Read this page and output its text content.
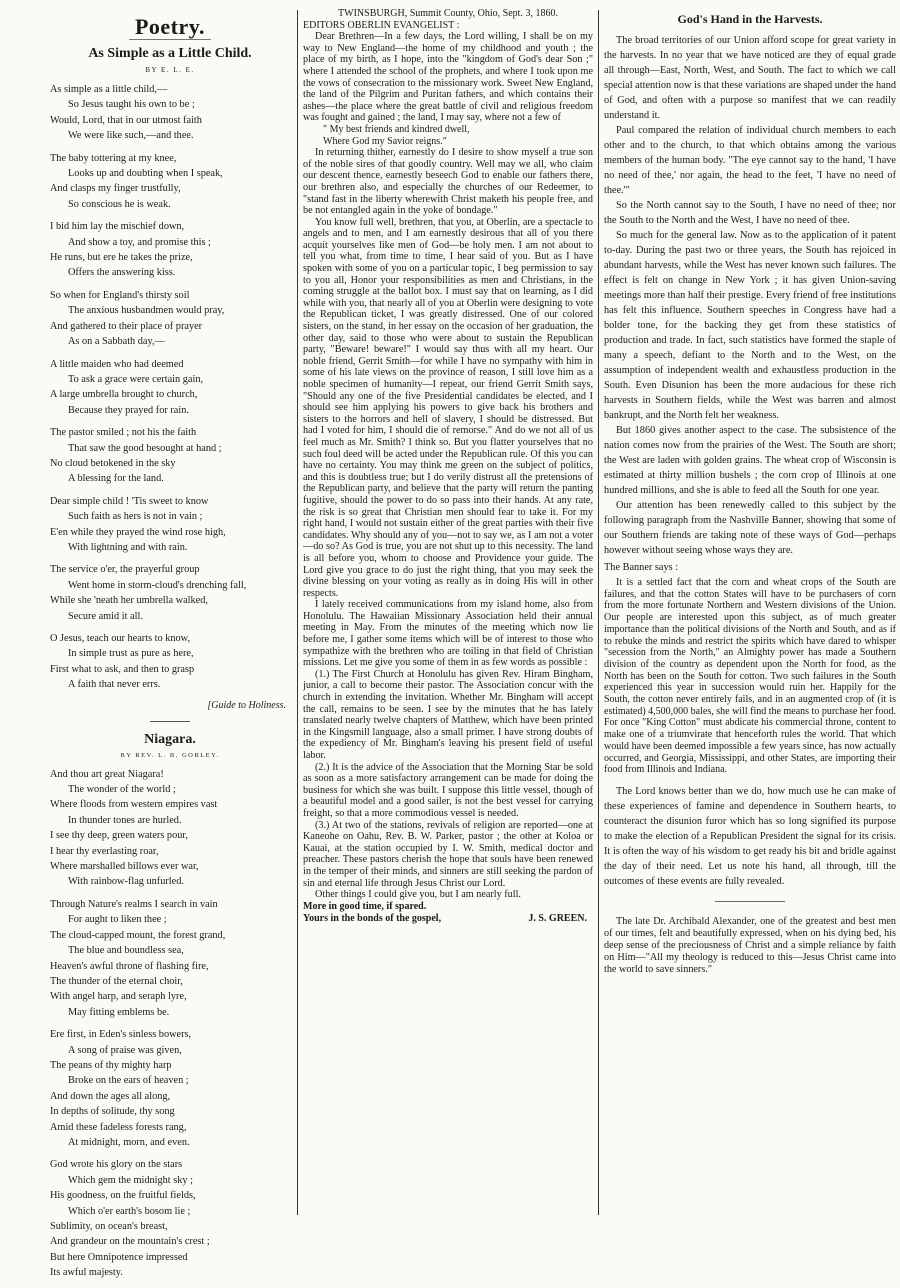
Poetry.
As Simple as a Little Child.
BY E. L. E.
As simple as a little child,—
So Jesus taught his own to be ;
Would, Lord, that in our utmost faith
We were like such,—and thee.
The baby tottering at my knee,
Looks up and doubting when I speak,
And clasps my finger trustfully,
So conscious he is weak.
I bid him lay the mischief down,
And show a toy, and promise this ;
He runs, but ere he takes the prize,
Offers the answering kiss.
So when for England's thirsty soil
The anxious husbandmen would pray,
And gathered to their place of prayer
As on a Sabbath day,—
A little maiden who had deemed
To ask a grace were certain gain,
A large umbrella brought to church,
Because they prayed for rain.
The pastor smiled ; not his the faith
That saw the good besought at hand ;
No cloud betokened in the sky
A blessing for the land.
Dear simple child ! 'Tis sweet to know
Such faith as hers is not in vain ;
E'en while they prayed the wind rose high,
With lightning and with rain.
The service o'er, the prayerful group
Went home in storm-cloud's drenching fall,
While she 'neath her umbrella walked,
Secure amid it all.
O Jesus, teach our hearts to know,
In simple trust as pure as here,
First what to ask, and then to grasp
A faith that never errs.
[Guide to Holiness.
Niagara.
BY REV. L. B. GOBLEY.
And thou art great Niagara!
The wonder of the world ;
Where floods from western empires vast
In thunder tones are hurled.
I see thy deep, green waters pour,
I hear thy everlasting roar,
Where marshalled billows ever war,
With rainbow-flag unfurled.
Through Nature's realms I search in vain
For aught to liken thee ;
The cloud-capped mount, the forest grand,
The blue and boundless sea,
Heaven's awful throne of flashing fire,
The thunder of the eternal choir,
With angel harp, and seraph lyre,
May fitting emblems be.
Ere first, in Eden's sinless bowers,
A song of praise was given,
The peans of thy mighty harp
Broke on the ears of heaven ;
And down the ages all along,
In depths of solitude, thy song
Amid these fadeless forests rang,
At midnight, morn, and even.
God wrote his glory on the stars
Which gem the midnight sky ;
His goodness, on the fruitful fields,
Which o'er earth's bosom lie ;
Sublimity, on ocean's breast,
And grandeur on the mountain's crest ;
But here Omnipotence impressed
Its awful majesty.

TWINSBURGH, Summit County, Ohio, Sept. 3, 1860.

EDITORS OBERLIN EVANGELIST :

Dear Brethren—In a few days, the Lord willing, I shall be on my way to New England—the home of my childhood and youth ; the place of my birth, as I hope, into the "kingdom of God's dear Son ;" where I attended the school of the prophets, and where I took upon me the vows of consecration to the missionary work. Sweet New England, the land of the Pilgrim and Puritan fathers, and which contains their ashes—the place where the great battle of civil and religious freedom was fought and gained ; the land, I may say, where not a few of

" My best friends and kindred dwell,

Where God my Savior reigns."

In returning thither, earnestly do I desire to show myself a true son of the noble sires of that goodly country. Well may we all, who claim our descent thence, earnestly beseech God to enable our fathers there, our brethren also, and especially the churches of our Redeemer, to "stand fast in the liberty wherewith Christ maketh his people free, and be not entangled again in the yoke of bondage."

You know full well, brethren, that you, at Oberlin, are a spectacle to angels and to men, and I am earnestly desirous that all of you there acquit yourselves like men of God—be holy men. I am not about to tell you what, from time to time, I hear said of you. But as I have spoken with some of you on a particular topic, I beg permission to say to you all, Honor your responsibilities as men and Christians, in the coming struggle at the ballot box. I must say that on learning, as I did while with you, that nearly all of you at Oberlin were designing to vote the Republican ticket, I was greatly distressed. One of our colored sisters, on the stand, in her essay on the occasion of her graduation, the other day, said to those who were about to sustain the Republican party, "Beware! beware!" I would say thus with all my heart. Our noble friend, Gerrit Smith—for while I have no sympathy with him in some of his late views on the province of reason, I still love him as a noble specimen of humanity—I repeat, our friend Gerrit Smith says, "Should any one of the five Presidential candidates be elected, and I should see him applying his powers to give back his brothers and sisters to the horrors and hell of slavery, I should be distressed. But had I voted for him, I should die of remorse." And do we not all of us feel much as Mr. Smith? I think so. But you flatter yourselves that no such foul deed will be acted under the Republican rule. Of this you can have no certainty. You may think me green on the subject of politics, and this is doubtless true; but I do verily distrust all the pretensions of the Republican party, and believe that the party will return the panting fugitive, should the power to do so pass into their hands. At any rate, the risk is so great that Christian men should fear to take it. For my right hand, I would not sustain either of the great parties with their five candidates. Why should any of you—not to say we, as I am not a voter—do so? As God is true, you are not shut up to this necessity. The land is all before you, whom to choose and Providence your guide. The Lord give you grace to do just the right thing, that you may seek the divine blessing on your voting as really as in doing His will in other respects.

I lately received communications from my island home, also from Honolulu. The Hawaiian Missionary Association held their annual meeting in May. From the minutes of the meeting which now lie before me, I gather some items which will be of interest to those who sympathize with the brethren who are toiling in that field of Christian missions. Let me give you some of them in as few words as possible :

(1.) The First Church at Honolulu has given Rev. Hiram Bingham, junior, a call to become their pastor. The Association concur with the church in extending the invitation. Whether Mr. Bingham will accept the call, remains to be seen. I see by the minutes that he has lately translated nearly twelve chapters of Matthew, which have been printed in the Kingsmill language, also a small primer. I have strong doubts of the expediency of Mr. Bingham's leaving his present field of useful labor.

(2.) It is the advice of the Association that the Morning Star be sold as soon as a more satisfactory arrangement can be made for doing the business for which she was built. I suppose this little vessel, though of a beautiful model and a good sailer, is not the best vessel for carrying freight, so that a more commodious vessel is needed.

(3.) At two of the stations, revivals of religion are reported—one at Kaneohe on Oahu, Rev. B. W. Parker, pastor ; the other at Koloa or Kauai, at the station occupied by I. W. Smith, medical doctor and preacher. These pastors cherish the hope that souls have been renewed in the temper of their minds, and sinners are still seeking the pardon of sin and eternal life through Jesus Christ our Lord.

Other things I could give you, but I am nearly full.

More in good time, if spared.

Yours in the bonds of the gospel,	J. S. GREEN.

God's Hand in the Harvests.

The broad territories of our Union afford scope for great variety in the harvests. In no year that we have noticed are they of equal grade all through—East, North, West, and South. The fact to which we call special attention now is that these variations are shaped under the hand of God, and often with a purpose so manifest that we can readily understand it.

Paul compared the relation of individual church members to each other and to the church, to that which obtains among the various members of the human body. "The eye cannot say to the hand, 'I have no need of thee,' nor again, the head to the feet, 'I have no need of thee.'"

So the North cannot say to the South, I have no need of thee; nor the South to the North and the West, I have no need of thee.

So much for the general law. Now as to the application of it patent to-day. During the past two or three years, the South has rejoiced in abundant harvests, while the West has never known such failures. The effect is felt on change in New York ; it has given Union-saving meetings more than half their prestige. Every friend of free institutions has felt this influence. Southern speeches in Congress have had a bolder tone, for the backing they get from these statistics of production and trade. In fact, such statistics have formed the staple of many a speech, defiant to the North and to the West, on the assumption of independent wealth and exhaustless production in the South. Even Disunion has been the more audacious for these rich harvests in Southern fields, while the West was barren and almost bankrupt, and the North felt her weakness.

But 1860 gives another aspect to the case. The subsistence of the nation comes now from the prairies of the West. The South are short; the West are laden with golden grains. The wheat crop of Wisconsin is estimated at thirty million bushels ; the corn crop of Illinois at one hundred millions, and she is able to feed all the South for one year.

Our attention has been renewedly called to this subject by the following paragraph from the Nashville Banner, showing that some of our Southern friends are taking note of these ways of God—perhaps however without seeing whose ways they are.

The Banner says :

It is a settled fact that the corn and wheat crops of the South are failures, and that the cotton States will have to be purchasers of corn from the more fortunate Northern and Western divisions of the Union. Our people are interested upon this subject, as of much greater importance than the political divisions of the North and South, and as if to rebuke the minds and restrict the spirits which have dared to whisper "secession from the North," an Almighty power has made a Southern division of the country as dependent upon the North for food, as the North has been on the South for cotton. Two such failures in the South experienced this year in succession would ruin her. Happily for the South, the cotton never entirely fails, and in an augmented crop of (it is estimated) 4,500,000 bales, she will find the means to purchase her food. For once "King Cotton" must abdicate his commercial throne, content to make one of a triumvirate that henceforth rules the world. That which would have been deemed impossible a few years since, has now actually occurred, and Georgia, Mississippi, and other States, are importing their food from Illinois and Indiana.

The Lord knows better than we do, how much use he can make of these experiences of famine and dependence in Southern hearts, to counteract the disunion furor which has so long signified its purpose to make the election of a Republican President the signal for its crisis. It is often the way of his wisdom to get ready his bit and bridle against the day of their need. Let us note his hand, all through, till the outcomes of these events are fully revealed.

The late Dr. Archibald Alexander, one of the greatest and best men of our times, felt and beautifully expressed, when on his dying bed, his deep sense of the preciousness of Christ and a simple reliance by faith on Him—"All my theology is reduced to this—Jesus Christ came into the world to save sinners."
